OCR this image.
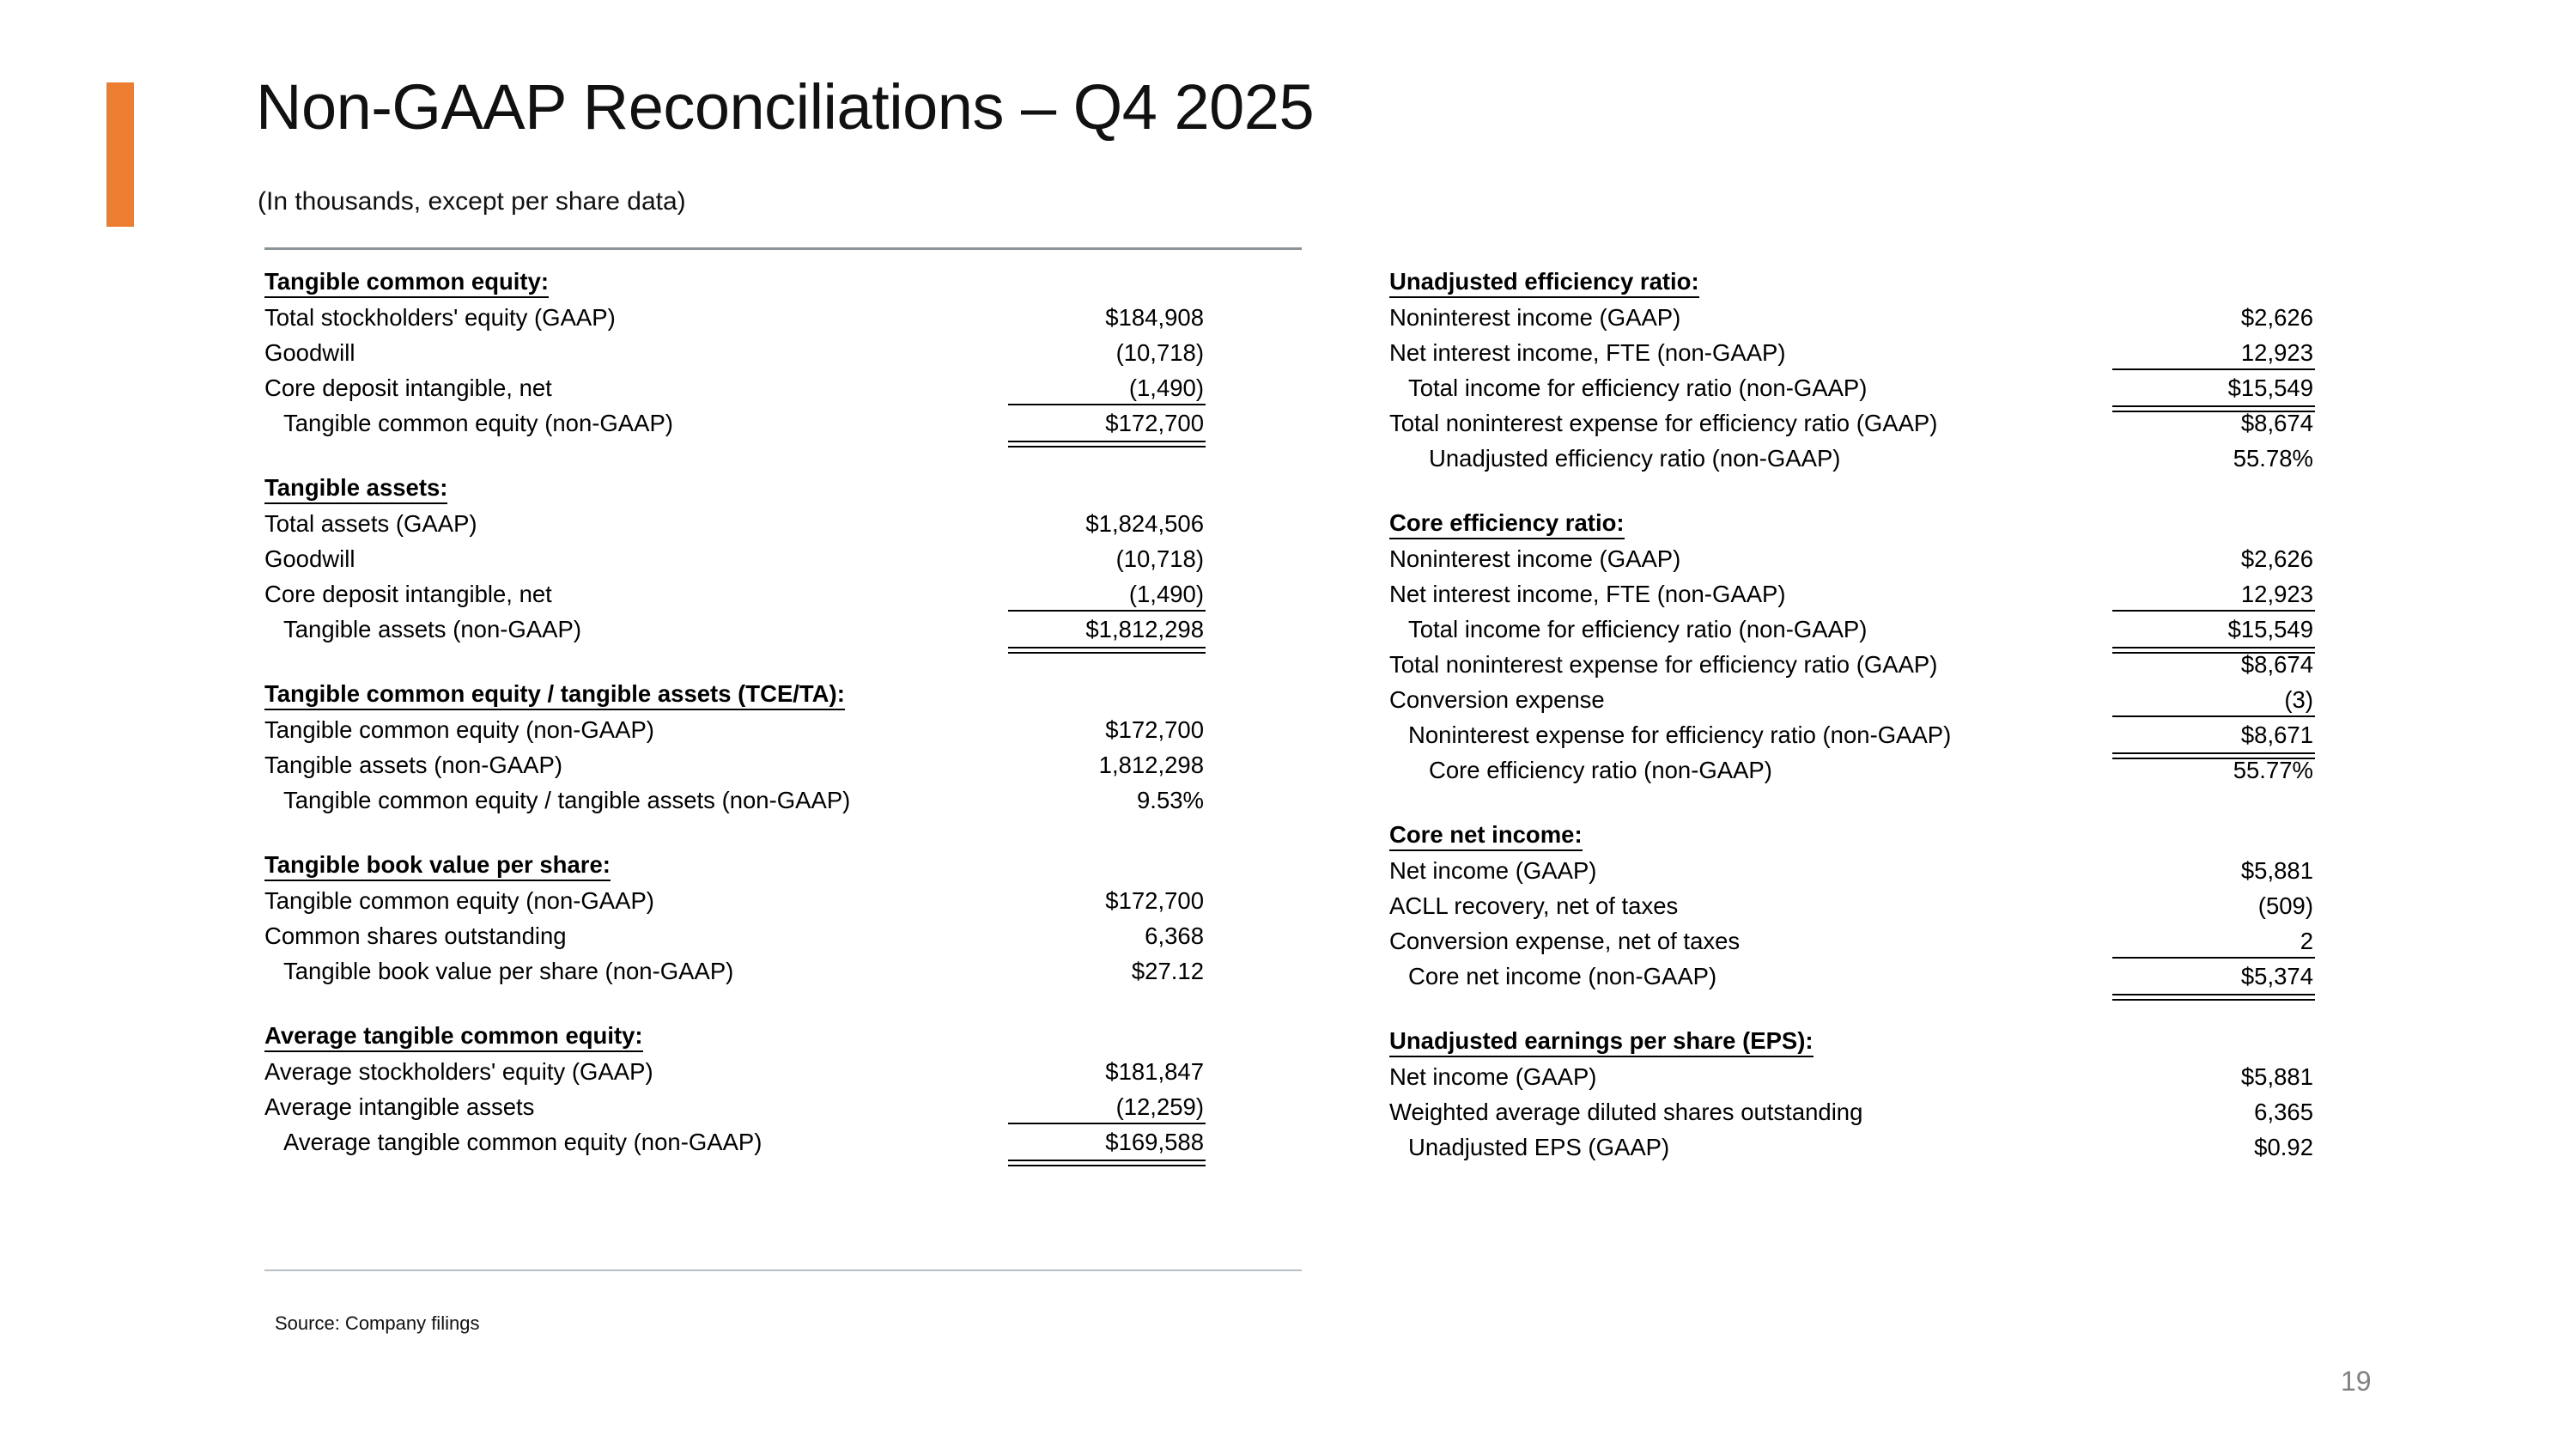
Non-GAAP Reconciliations – Q4 2025
(In thousands, except per share data)
Tangible common equity:
Total stockholders' equity (GAAP)	$184,908
Goodwill	(10,718)
Core deposit intangible, net	(1,490)
Tangible common equity (non-GAAP)	$172,700
Tangible assets:
Total assets (GAAP)	$1,824,506
Goodwill	(10,718)
Core deposit intangible, net	(1,490)
Tangible assets (non-GAAP)	$1,812,298
Tangible common equity / tangible assets (TCE/TA):
Tangible common equity (non-GAAP)	$172,700
Tangible assets (non-GAAP)	1,812,298
Tangible common equity / tangible assets (non-GAAP)	9.53%
Tangible book value per share:
Tangible common equity (non-GAAP)	$172,700
Common shares outstanding	6,368
Tangible book value per share (non-GAAP)	$27.12
Average tangible common equity:
Average stockholders' equity (GAAP)	$181,847
Average intangible assets	(12,259)
Average tangible common equity (non-GAAP)	$169,588
Unadjusted efficiency ratio:
Noninterest income (GAAP)	$2,626
Net interest income, FTE (non-GAAP)	12,923
Total income for efficiency ratio (non-GAAP)	$15,549
Total noninterest expense for efficiency ratio (GAAP)	$8,674
Unadjusted efficiency ratio (non-GAAP)	55.78%
Core efficiency ratio:
Noninterest income (GAAP)	$2,626
Net interest income, FTE (non-GAAP)	12,923
Total income for efficiency ratio (non-GAAP)	$15,549
Total noninterest expense for efficiency ratio (GAAP)	$8,674
Conversion expense	(3)
Noninterest expense for efficiency ratio (non-GAAP)	$8,671
Core efficiency ratio (non-GAAP)	55.77%
Core net income:
Net income (GAAP)	$5,881
ACLL recovery, net of taxes	(509)
Conversion expense, net of taxes	2
Core net income (non-GAAP)	$5,374
Unadjusted earnings per share (EPS):
Net income (GAAP)	$5,881
Weighted average diluted shares outstanding	6,365
Unadjusted EPS (GAAP)	$0.92
Source: Company filings
19
